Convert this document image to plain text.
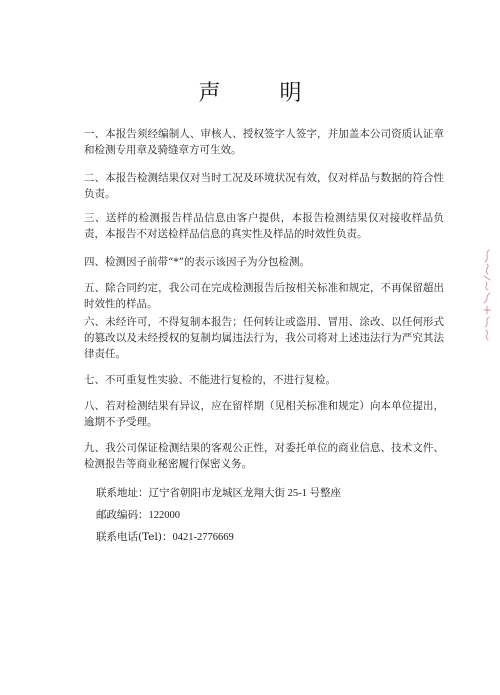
声 明
一、本报告须经编制人、审核人、授权签字人签字，并加盖本公司资质认证章和检测专用章及骑缝章方可生效。
二、本报告检测结果仅对当时工况及环境状况有效，仅对样品与数据的符合性负责。
三、送样的检测报告样品信息由客户提供，本报告检测结果仅对接收样品负责，本报告不对送检样品信息的真实性及样品的时效性负责。
四、检测因子前带“*”的表示该因子为分包检测。
五、除合同约定，我公司在完成检测报告后按相关标准和规定，不再保留超出时效性的样品。
六、未经许可，不得复制本报告；任何转让或盗用、冒用、涂改、以任何形式的篡改以及未经授权的复制均属违法行为，我公司将对上述违法行为严究其法律责任。
七、不可重复性实验、不能进行复检的，不进行复检。
八、若对检测结果有异议，应在留样期（见相关标准和规定）向本单位提出，逾期不予受理。
九、我公司保证检测结果的客观公正性，对委托单位的商业信息、技术文件、检测报告等商业秘密履行保密义务。
联系地址：辽宁省朝阳市龙城区龙翔大街 25-1 号整座
邮政编码：122000
联系电话(Tel)：0421-2776669
